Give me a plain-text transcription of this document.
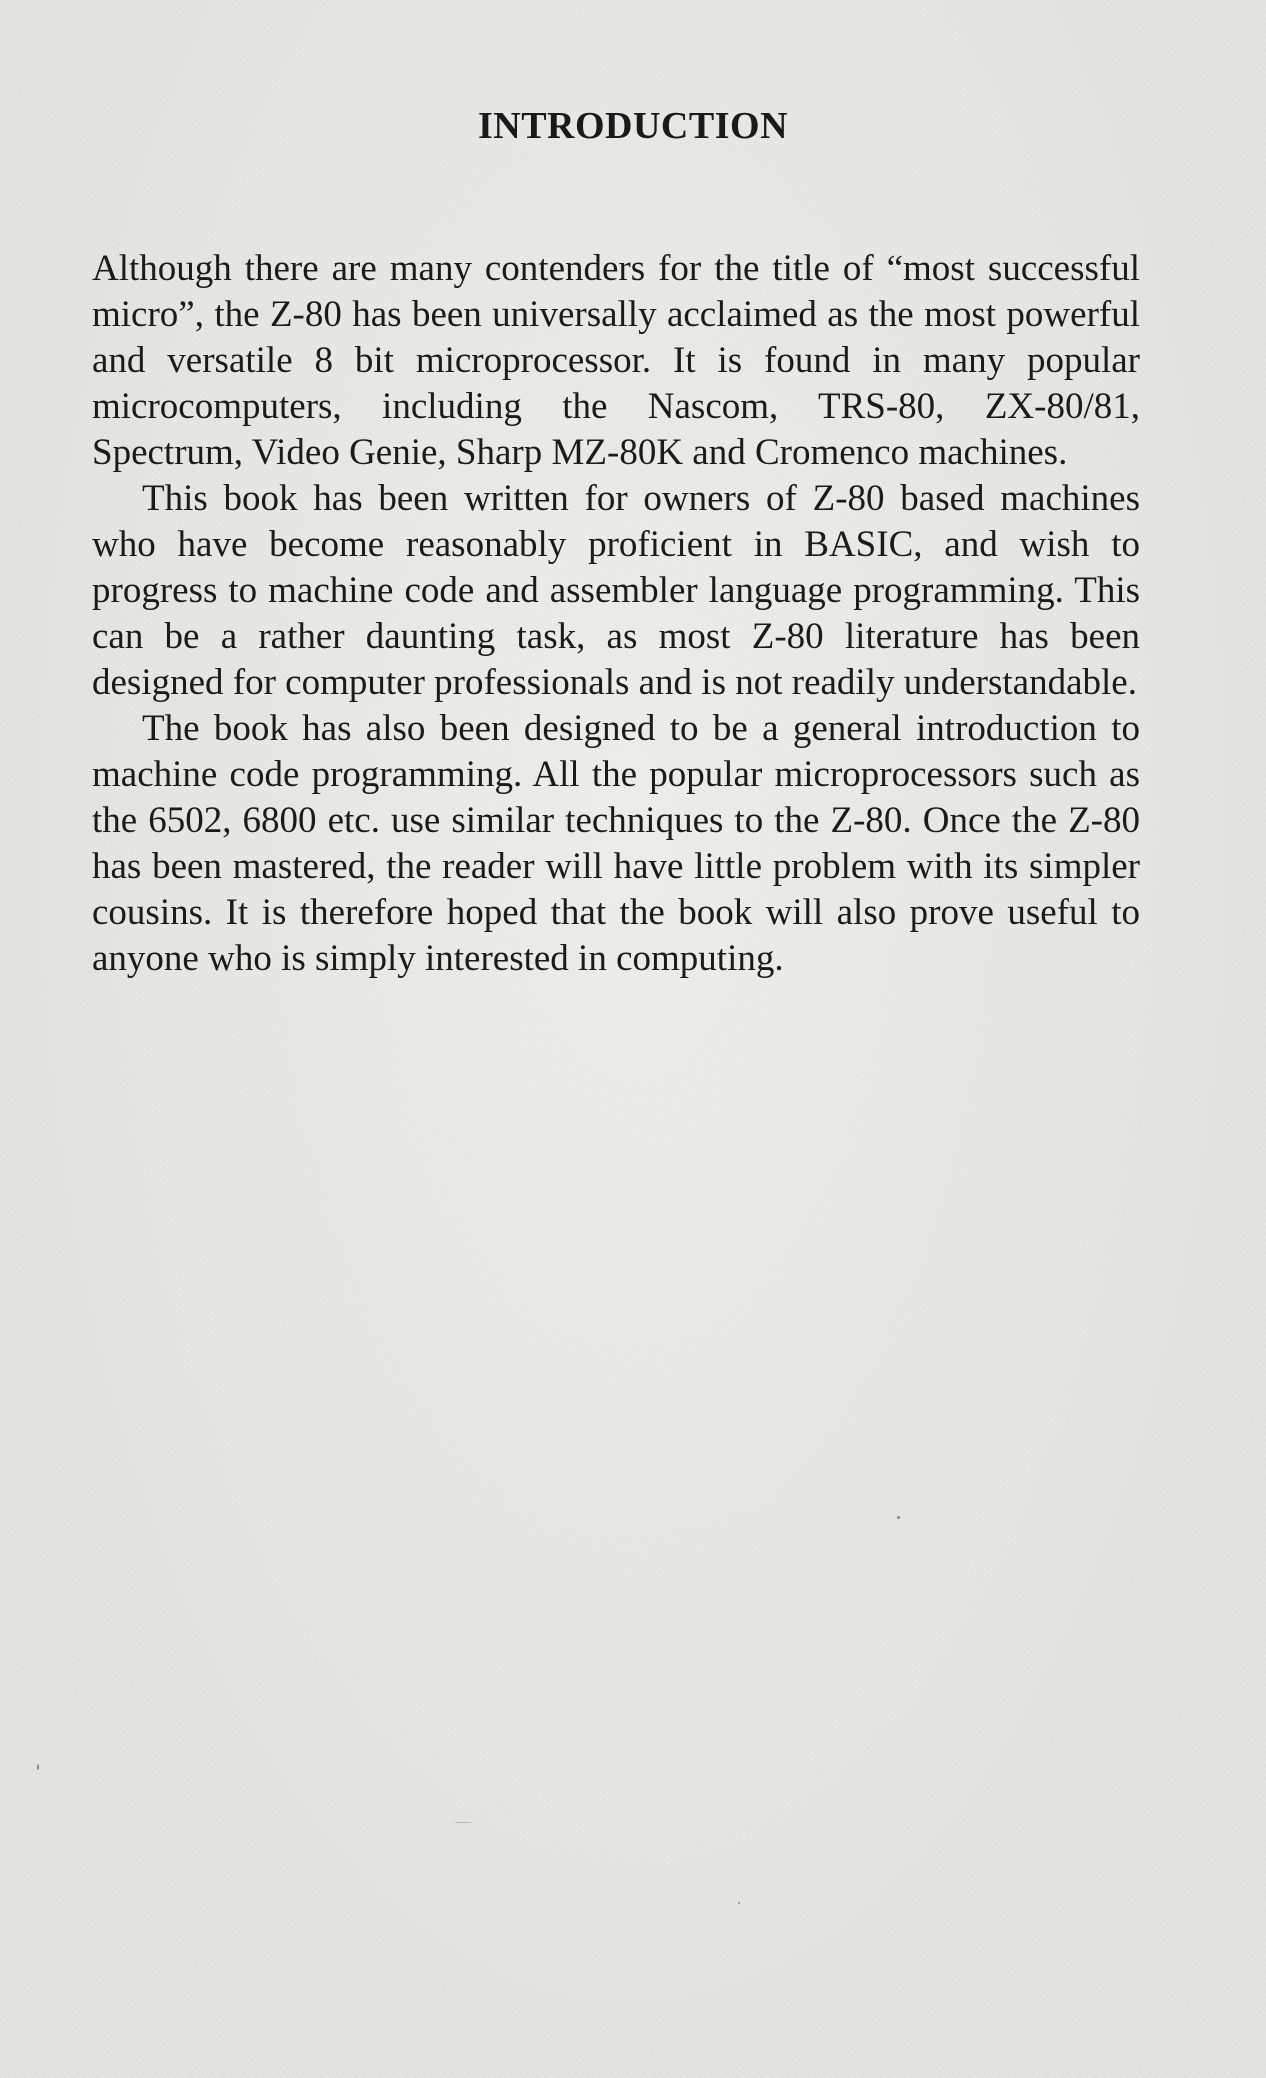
INTRODUCTION

Although there are many contenders for the title of “most successful micro”, the Z-80 has been universally acclaimed as the most powerful and versatile 8 bit microprocessor. It is found in many popular microcomputers, including the Nascom, TRS-80, ZX-80/81, Spectrum, Video Genie, Sharp MZ-80K and Cromenco machines.

This book has been written for owners of Z-80 based machines who have become reasonably proficient in BASIC, and wish to progress to machine code and assembler language programming. This can be a rather daunting task, as most Z-80 literature has been designed for computer professionals and is not readily understandable.

The book has also been designed to be a general introduction to machine code programming. All the popular microprocessors such as the 6502, 6800 etc. use similar techniques to the Z-80. Once the Z-80 has been mastered, the reader will have little problem with its simpler cousins. It is therefore hoped that the book will also prove useful to anyone who is simply interested in computing.
